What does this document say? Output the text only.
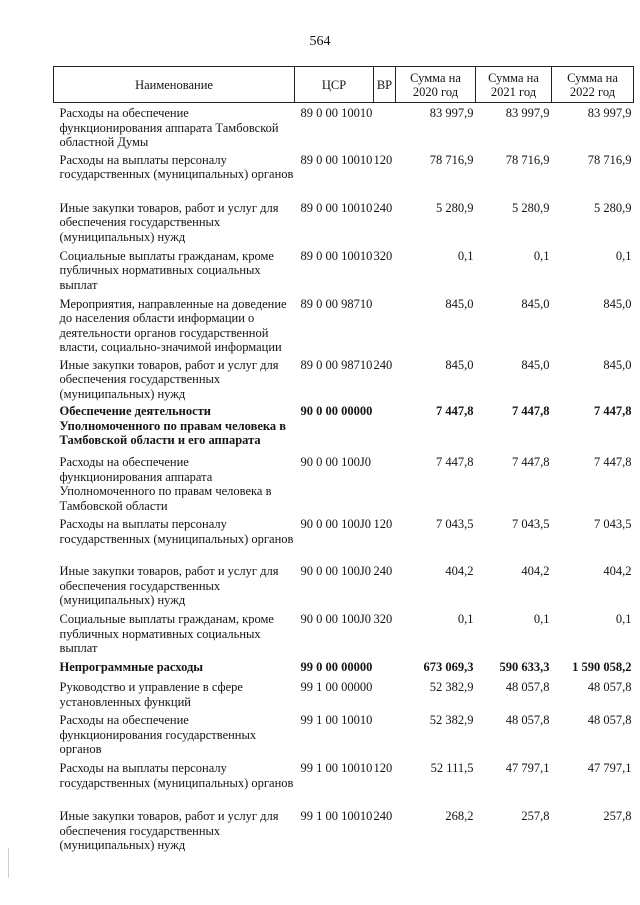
564
Наименование	ЦСР	ВР	Сумма на 2020 год	Сумма на 2021 год	Сумма на 2022 год
Расходы на обеспечение функционирования аппарата Тамбовской областной Думы	89 0 00 10010		83 997,9	83 997,9	83 997,9
Расходы на выплаты персоналу государственных (муниципальных) органов	89 0 00 10010	120	78 716,9	78 716,9	78 716,9
Иные закупки товаров, работ и услуг для обеспечения государственных (муниципальных) нужд	89 0 00 10010	240	5 280,9	5 280,9	5 280,9
Социальные выплаты гражданам, кроме публичных нормативных социальных выплат	89 0 00 10010	320	0,1	0,1	0,1
Мероприятия, направленные на доведение до населения области информации о деятельности органов государственной власти, социально-значимой информации	89 0 00 98710		845,0	845,0	845,0
Иные закупки товаров, работ и услуг для обеспечения государственных (муниципальных) нужд	89 0 00 98710	240	845,0	845,0	845,0
Обеспечение деятельности Уполномоченного по правам человека в Тамбовской области и его аппарата	90 0 00 00000		7 447,8	7 447,8	7 447,8
Расходы на обеспечение функционирования аппарата Уполномоченного по правам человека в Тамбовской области	90 0 00 100J0		7 447,8	7 447,8	7 447,8
Расходы на выплаты персоналу государственных (муниципальных) органов	90 0 00 100J0	120	7 043,5	7 043,5	7 043,5
Иные закупки товаров, работ и услуг для обеспечения государственных (муниципальных) нужд	90 0 00 100J0	240	404,2	404,2	404,2
Социальные выплаты гражданам, кроме публичных нормативных социальных выплат	90 0 00 100J0	320	0,1	0,1	0,1
Непрограммные расходы	99 0 00 00000		673 069,3	590 633,3	1 590 058,2
Руководство и управление в сфере установленных функций	99 1 00 00000		52 382,9	48 057,8	48 057,8
Расходы на обеспечение функционирования государственных органов	99 1 00 10010		52 382,9	48 057,8	48 057,8
Расходы на выплаты персоналу государственных (муниципальных) органов	99 1 00 10010	120	52 111,5	47 797,1	47 797,1
Иные закупки товаров, работ и услуг для обеспечения государственных (муниципальных) нужд	99 1 00 10010	240	268,2	257,8	257,8
